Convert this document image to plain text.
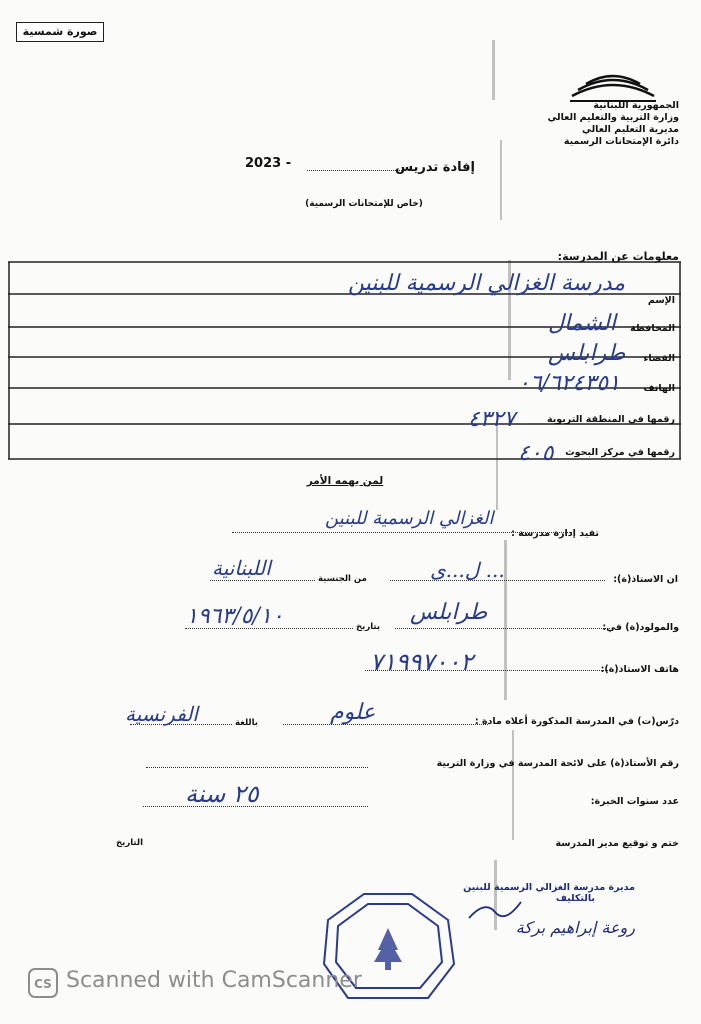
صورة شمسية
الجمهورية اللبنانية
وزارة التربية والتعليم العالي
مديرية التعليم العالي
دائرة الإمتحانات الرسمية
2023 -	إفادة تدريس
(خاص للإمتحانات الرسمية)
معلومات عن المدرسة:
الإسم
مدرسة الغزالي الرسمية للبنين
المحافظة
الشمال
القضاء
طرابلس
الهاتف
٠٦/٦٢٤٣٥١
رقمها في المنطقة التربوية
٤٣٢٧
رقمها في مركز البحوث
٤٠٥
لمن يهمه الأمر
تفيد إدارة مدرسة :
الغزالي الرسمية للبنين
ان الاستاذ(ة):
ل...ى ...
من الجنسية
اللبنانية
والمولود(ة) في:
طرابلس
بتاريخ
١٩٦٣/٥/١٠
هاتف الاستاذ(ة):
٧١٩٩٧٠٠٢
درّس(ت) في المدرسة المذكورة أعلاه مادة :
علوم
باللغة
الفرنسية
رقم الأستاذ(ة) على لائحة المدرسة في وزارة التربية
عدد سنوات الخبرة:
٢٥ سنة
ختم و توقيع مدير المدرسة
التاريخ
مديرة مدرسة الغزالي الرسمية للبنين
بالتكليف
روعة إبراهيم بركة
CS Scanned with CamScanner
